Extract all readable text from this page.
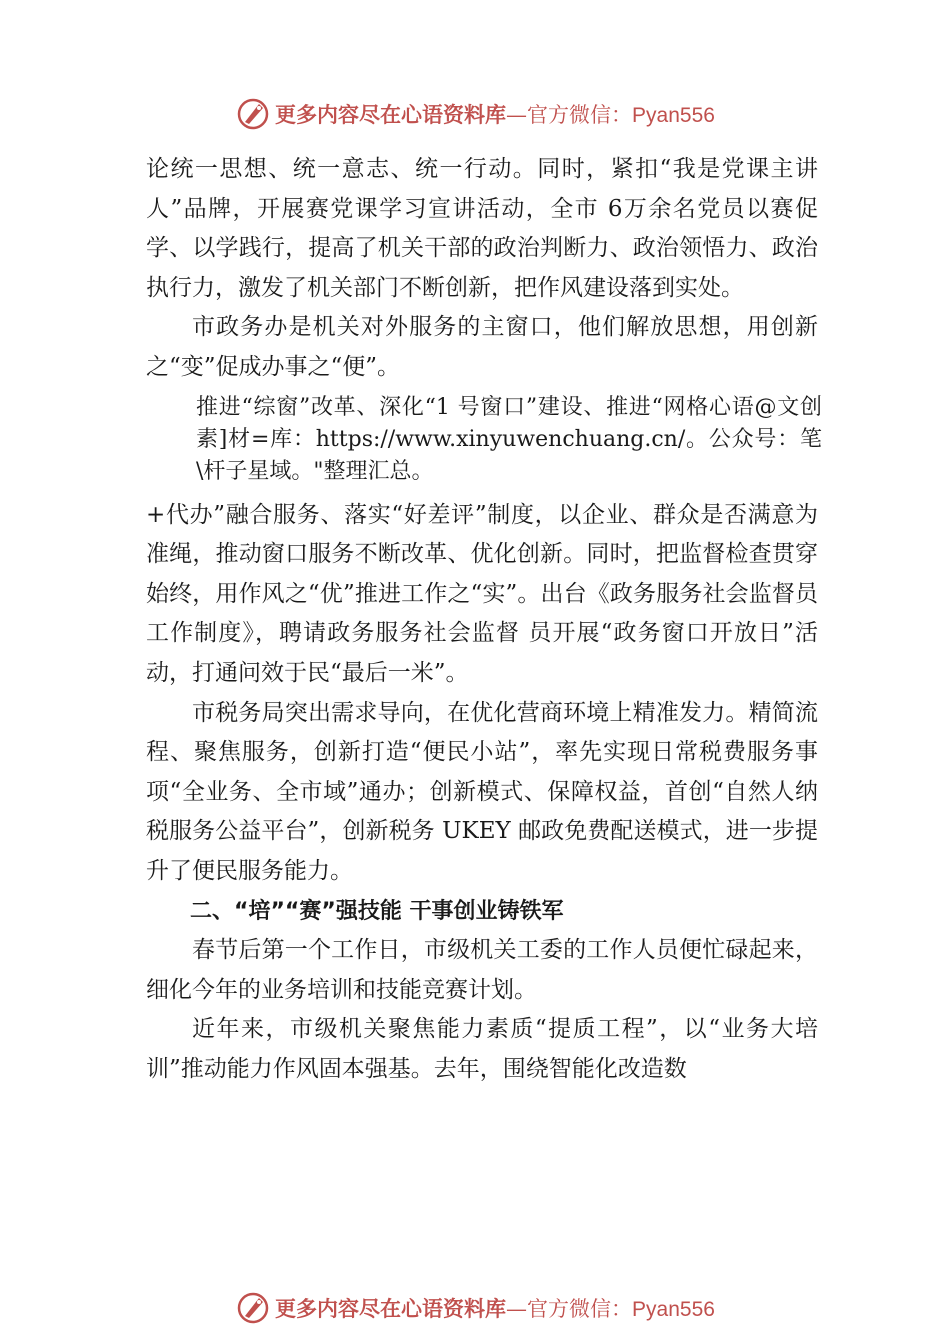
更多内容尽在心语资料库—官方微信：Pyan556

论统一思想、统一意志、统一行动。同时，紧扣“我是党课主讲人”品牌，开展赛党课学习宣讲活动，全市 6万余名党员以赛促学、以学践行，提高了机关干部的政治判断力、政治领悟力、政治执行力，激发了机关部门不断创新，把作风建设落到实处。

市政务办是机关对外服务的主窗口，他们解放思想，用创新之“变”促成办事之“便”。

推进“综窗”改革、深化“1 号窗口”建设、推进“网格心语@文创素]材=库：https://www.xinyuwenchuang.cn/。公众号：笔\杆子星域。"整理汇总。

+代办”融合服务、落实“好差评”制度，以企业、群众是否满意为准绳，推动窗口服务不断改革、优化创新。同时，把监督检查贯穿始终，用作风之“优”推进工作之“实”。出台《政务服务社会监督员工作制度》，聘请政务服务社会监督 员开展“政务窗口开放日”活动，打通问效于民“最后一米”。

市税务局突出需求导向，在优化营商环境上精准发力。精简流程、聚焦服务，创新打造“便民小站”，率先实现日常税费服务事项“全业务、全市域”通办；创新模式、保障权益，首创“自然人纳税服务公益平台”，创新税务 UKEY 邮政免费配送模式，进一步提升了便民服务能力。

二、“培”“赛”强技能 干事创业铸铁军

春节后第一个工作日，市级机关工委的工作人员便忙碌起来，细化今年的业务培训和技能竞赛计划。

近年来，市级机关聚焦能力素质“提质工程”，以“业务大培训”推动能力作风固本强基。去年，围绕智能化改造数

更多内容尽在心语资料库—官方微信：Pyan556
